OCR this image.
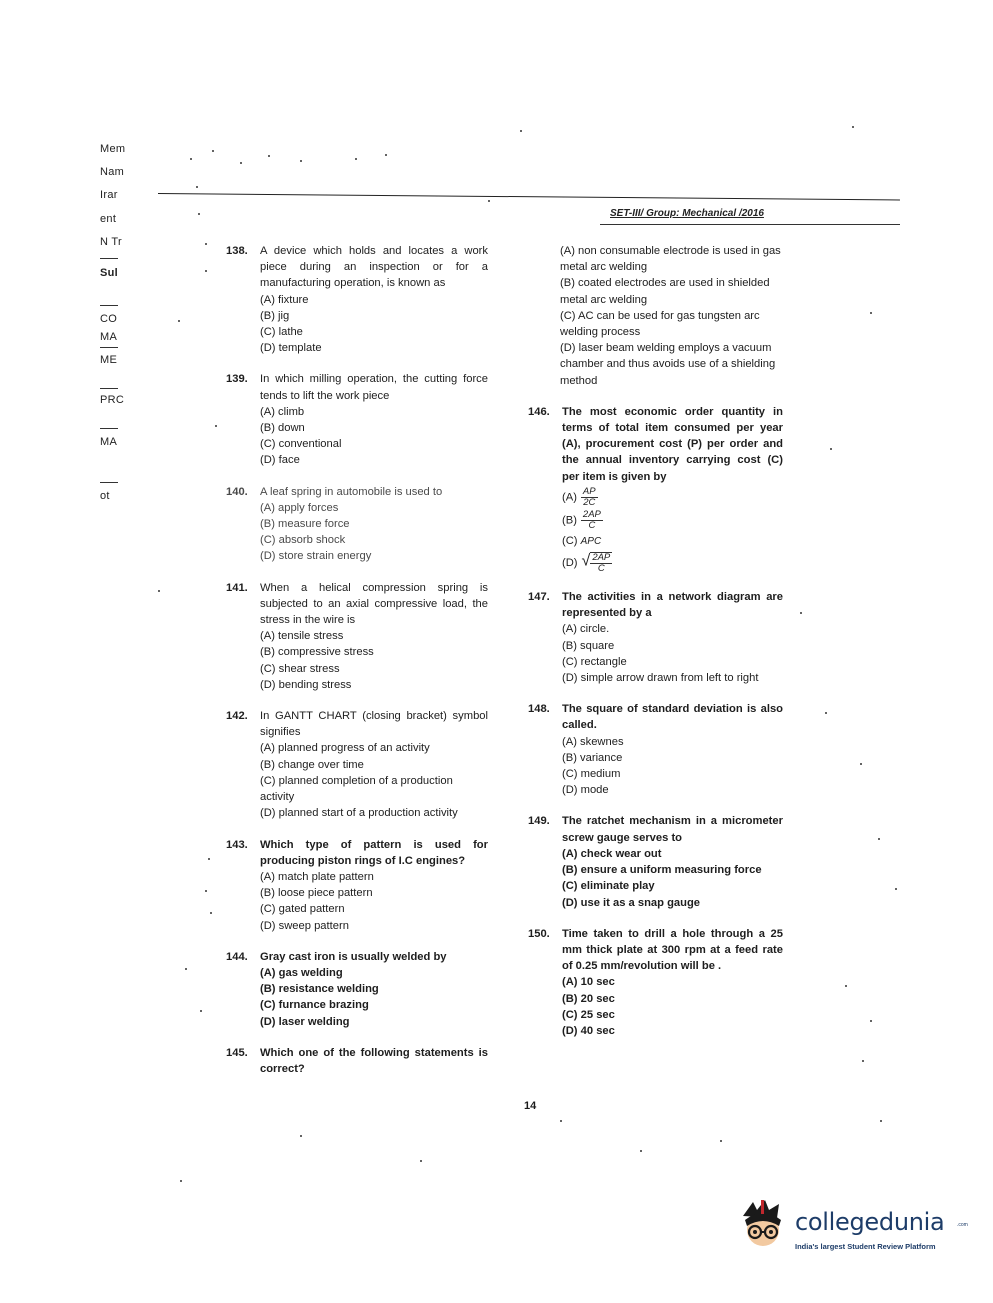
Mem
Nam
Irar
ent
N Tr
Sul
CO
MA
ME
PRC
MA
ot
SET-III/ Group: Mechanical /2016
138.	A device which holds and locates a work piece during an inspection or for a manufacturing operation, is known as
(A) fixture
(B) jig
(C) lathe
(D) template
139.	In which milling operation, the cutting force tends to lift the work piece
(A) climb
(B) down
(C) conventional
(D) face
140.	A leaf spring in automobile is used to
(A) apply forces
(B) measure force
(C) absorb shock
(D) store strain energy
141.	When a helical compression spring is subjected to an axial compressive load, the stress in the wire is
(A) tensile stress
(B) compressive stress
(C) shear stress
(D) bending stress
142.	In GANTT CHART (closing bracket) symbol signifies
(A) planned progress of an activity
(B) change over time
(C) planned completion of a production activity
(D) planned start of a production activity
143.	Which type of pattern is used for producing piston rings of I.C engines?
(A) match plate pattern
(B) loose piece pattern
(C) gated pattern
(D) sweep pattern
144.	Gray cast iron is usually welded by
(A) gas welding
(B) resistance welding
(C) furnance brazing
(D) laser welding
145.	Which one of the following statements is correct?
(A) non consumable electrode is used in gas metal arc welding
(B) coated electrodes are used in shielded metal arc welding
(C) AC can be used for gas tungsten arc welding process
(D) laser beam welding employs a vacuum chamber and thus avoids use of a shielding method
146.	The most economic order quantity in terms of total item consumed per year (A), procurement cost (P) per order and the annual inventory carrying cost (C) per item is given by
$(A) \frac{AP}{2C}$
$(B) \frac{2AP}{C}$
(C) APC
(D) √ $\frac{2AP}{C}$
147.	The activities in a network diagram are represented by a
(A) circle.
(B) square
(C) rectangle
(D) simple arrow drawn from left to right
148.	The square of standard deviation is also called.
(A) skewnes
(B) variance
(C) medium
(D) mode
149.	The ratchet mechanism in a micrometer screw gauge serves to
(A) check wear out
(B) ensure a uniform measuring force
(C) eliminate play
(D) use it as a snap gauge
150.	Time taken to drill a hole through a 25 mm thick plate at 300 rpm at a feed rate of 0.25 mm/revolution will be .
(A) 10 sec
(B) 20 sec
(C) 25 sec
(D) 40 sec
14
collegedunia	.com
India's largest Student Review Platform
